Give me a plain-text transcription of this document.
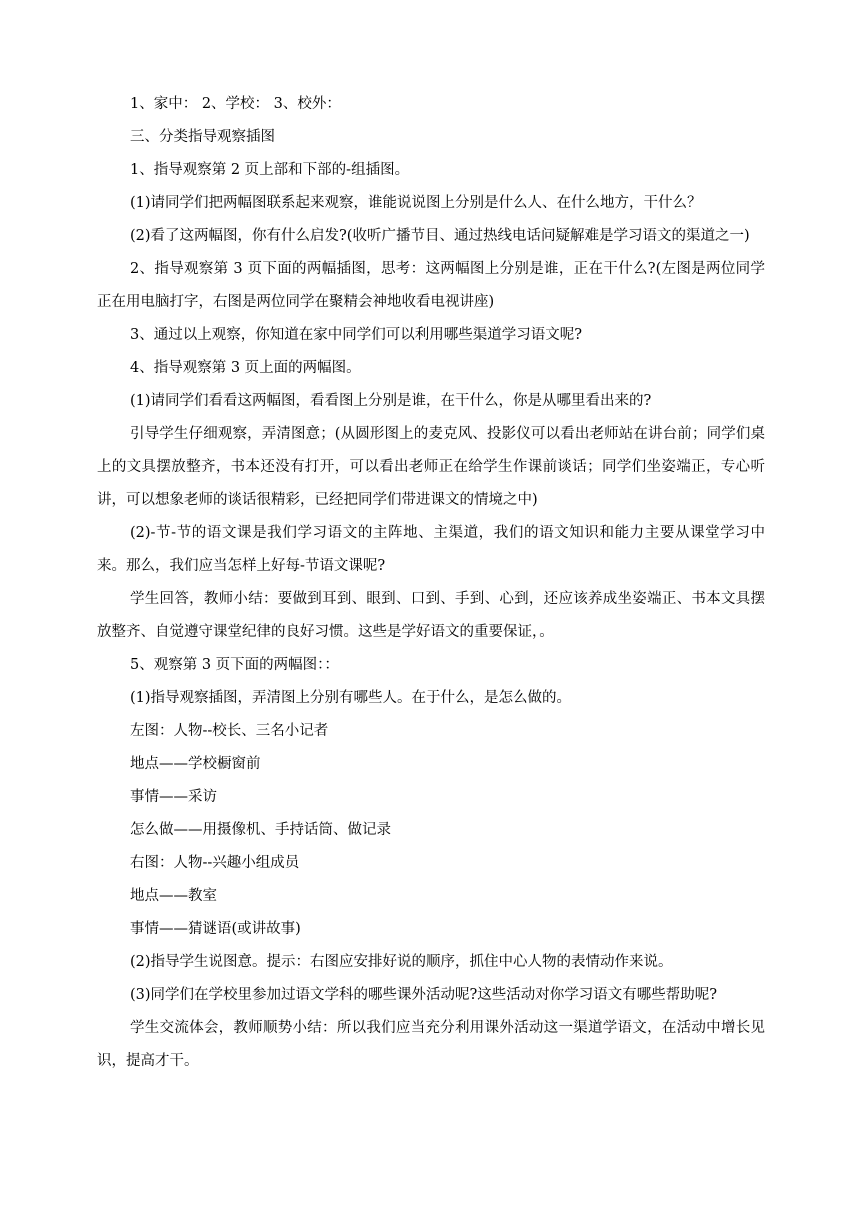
1、家中： 2、学校： 3、校外：

三、分类指导观察插图

1、指导观察第 2 页上部和下部的-组插图。

(1)请同学们把两幅图联系起来观察，谁能说说图上分别是什么人、在什么地方，干什么？

(2)看了这两幅图，你有什么启发?(收听广播节目、通过热线电话问疑解难是学习语文的渠道之一)

2、指导观察第 3 页下面的两幅插图，思考：这两幅图上分别是谁，正在干什么?(左图是两位同学正在用电脑打字，右图是两位同学在聚精会神地收看电视讲座)

3、通过以上观察，你知道在家中同学们可以利用哪些渠道学习语文呢?

4、指导观察第 3 页上面的两幅图。

(1)请同学们看看这两幅图，看看图上分别是谁，在干什么，你是从哪里看出来的?

引导学生仔细观察，弄清图意；(从圆形图上的麦克风、投影仪可以看出老师站在讲台前；同学们桌上的文具摆放整齐，书本还没有打开，可以看出老师正在给学生作课前谈话；同学们坐姿端正，专心听讲，可以想象老师的谈话很精彩，已经把同学们带进课文的情境之中)

(2)-节-节的语文课是我们学习语文的主阵地、主渠道，我们的语文知识和能力主要从课堂学习中来。那么，我们应当怎样上好每-节语文课呢?

学生回答，教师小结：要做到耳到、眼到、口到、手到、心到，还应该养成坐姿端正、书本文具摆放整齐、自觉遵守课堂纪律的良好习惯。这些是学好语文的重要保证，。

5、观察第 3 页下面的两幅图：：

(1)指导观察插图，弄清图上分别有哪些人。在于什么，是怎么做的。

左图：人物--校长、三名小记者

地点——学校橱窗前

事情——采访

怎么做——用摄像机、手持话筒、做记录

右图：人物--兴趣小组成员

地点——教室

事情——猜谜语(或讲故事)

(2)指导学生说图意。提示：右图应安排好说的顺序，抓住中心人物的表情动作来说。

(3)同学们在学校里参加过语文学科的哪些课外活动呢?这些活动对你学习语文有哪些帮助呢?

学生交流体会，教师顺势小结：所以我们应当充分利用课外活动这一渠道学语文，在活动中增长见识，提高才干。
